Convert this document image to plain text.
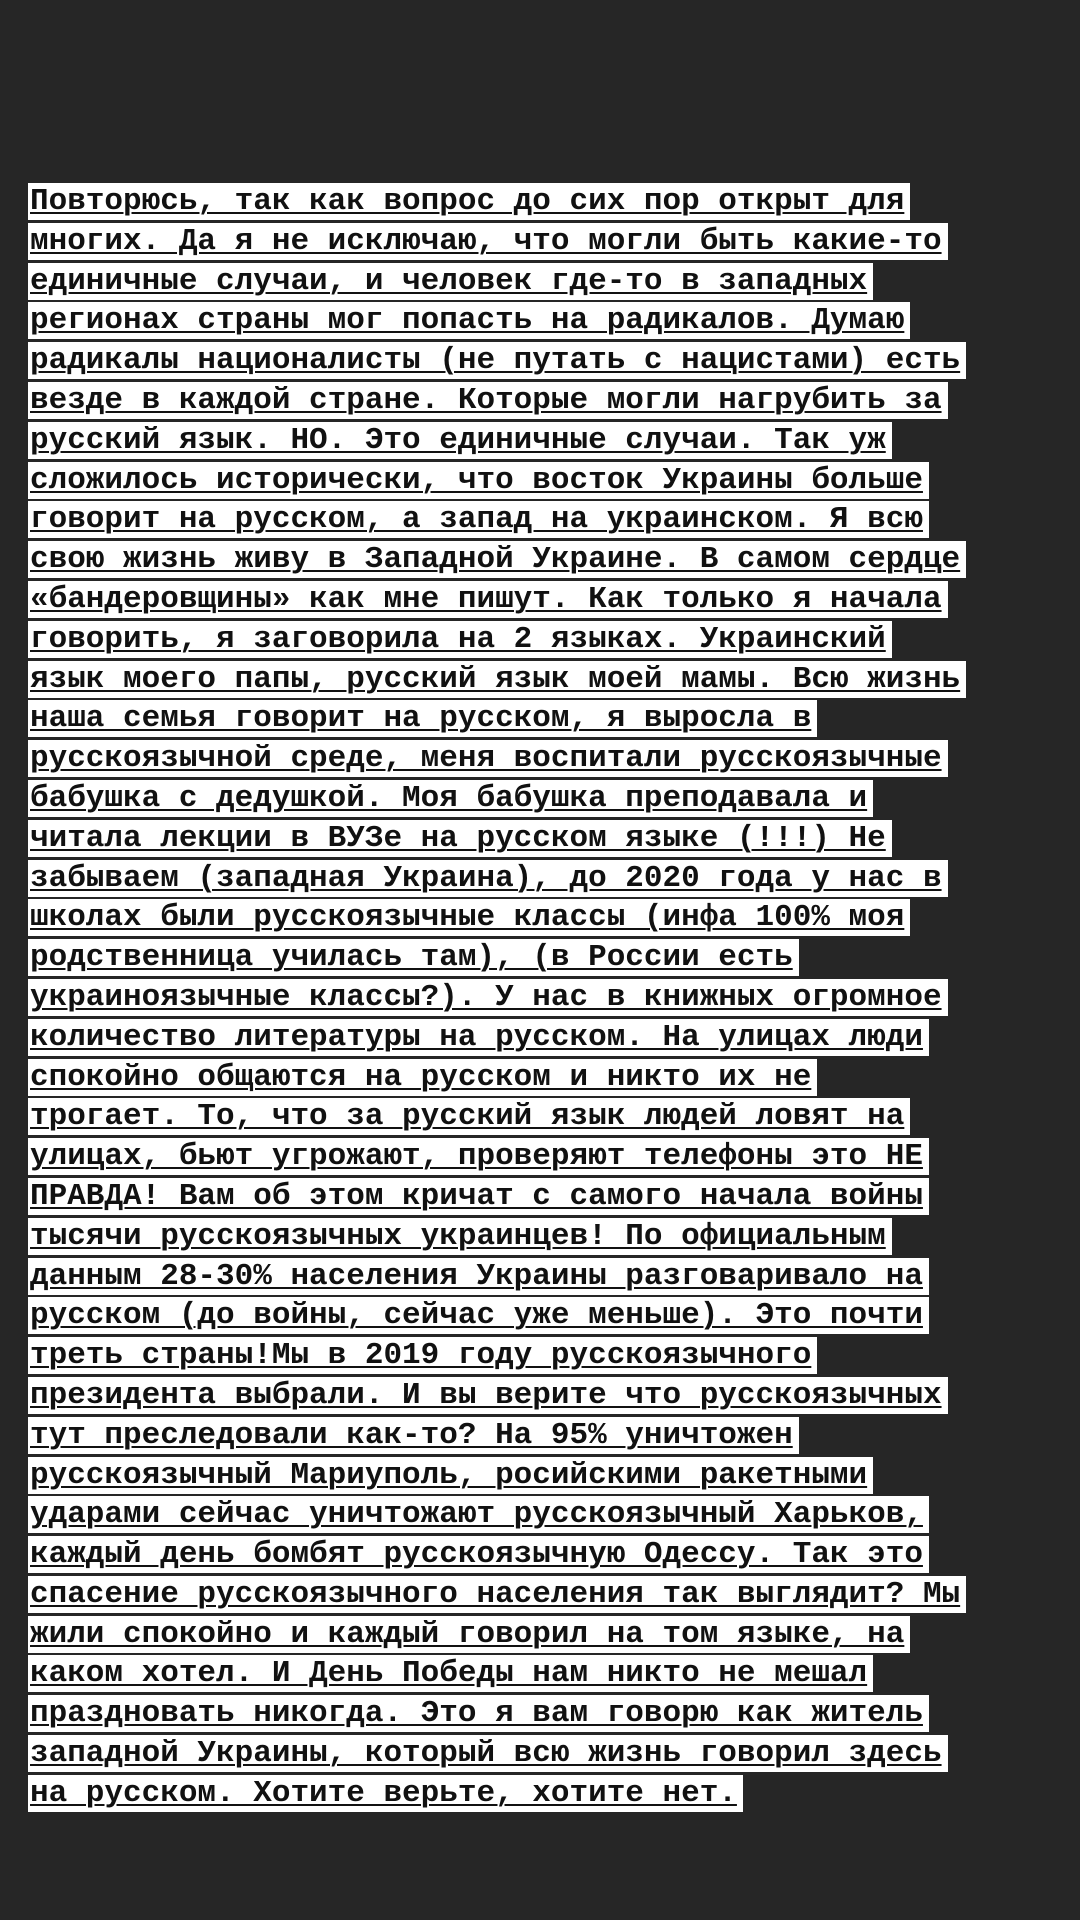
Повторюсь, так как вопрос до сих пор открыт для
многих. Да я не исключаю, что могли быть какие-то
единичные случаи, и человек где-то в западных
регионах страны мог попасть на радикалов. Думаю
радикалы националисты (не путать с нацистами) есть
везде в каждой стране. Которые могли нагрубить за
русский язык. НО. Это единичные случаи. Так уж
сложилось исторически, что восток Украины больше
говорит на русском, а запад на украинском. Я всю
свою жизнь живу в Западной Украине. В самом сердце
«бандеровщины» как мне пишут. Как только я начала
говорить, я заговорила на 2 языках. Украинский
язык моего папы, русский язык моей мамы. Всю жизнь
наша семья говорит на русском, я выросла в
русскоязычной среде, меня воспитали русскоязычные
бабушка с дедушкой. Моя бабушка преподавала и
читала лекции в ВУЗе на русском языке (!!!) Не
забываем (западная Украина), до 2020 года у нас в
школах были русскоязычные классы (инфа 100% моя
родственница училась там), (в России есть
украиноязычные классы?). У нас в книжных огромное
количество литературы на русском. На улицах люди
спокойно общаются на русском и никто их не
трогает. То, что за русский язык людей ловят на
улицах, бьют угрожают, проверяют телефоны это НЕ
ПРАВДА! Вам об этом кричат с самого начала войны
тысячи русскоязычных украинцев! По официальным
данным 28-30% населения Украины разговаривало на
русском (до войны, сейчас уже меньше). Это почти
треть страны!Мы в 2019 году русскоязычного
президента выбрали. И вы верите что русскоязычных
тут преследовали как-то? На 95% уничтожен
русскоязычный Мариуполь, росийскими ракетными
ударами сейчас уничтожают русскоязычный Харьков,
каждый день бомбят русскоязычную Одессу. Так это
спасение русскоязычного населения так выглядит? Мы
жили спокойно и каждый говорил на том языке, на
каком хотел. И День Победы нам никто не мешал
праздновать никогда. Это я вам говорю как житель
западной Украины, который всю жизнь говорил здесь
на русском. Хотите верьте, хотите нет.
